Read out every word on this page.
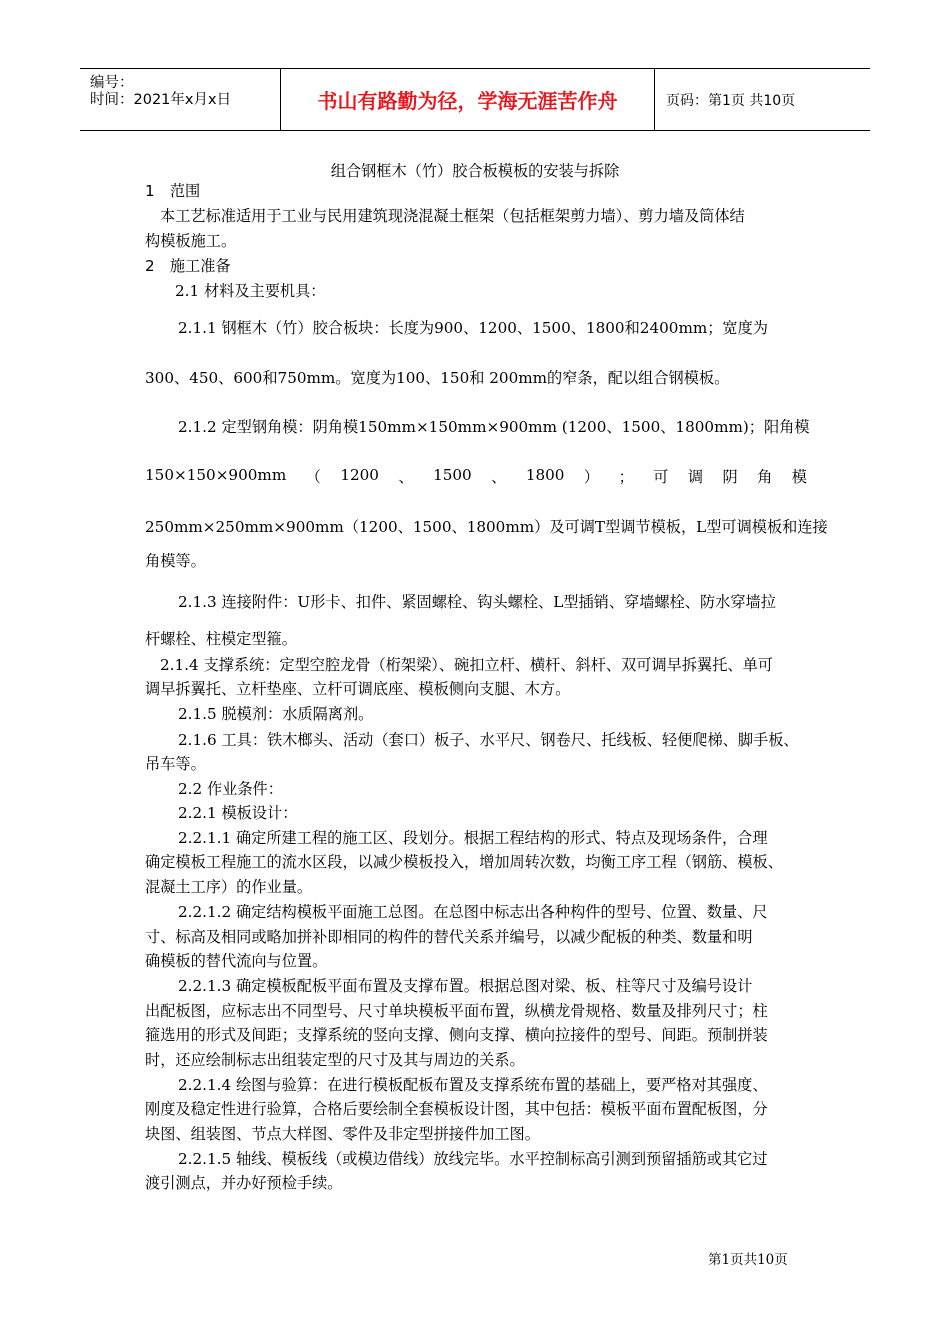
编号：
时间：2021年x月x日	书山有路勤为径，学海无涯苦作舟	页码：第1页 共10页
组合钢框木（竹）胶合板模板的安装与拆除
1　范围
本工艺标准适用于工业与民用建筑现浇混凝土框架（包括框架剪力墙）、剪力墙及筒体结
构模板施工。
2　施工准备
2.1 材料及主要机具：
2.1.1 钢框木（竹）胶合板块：长度为900、1200、1500、1800和2400mm；宽度为
300、450、600和750mm。宽度为100、150和 200mm的窄条，配以组合钢模板。
2.1.2 定型钢角模：阴角模150mm×150mm×900mm (1200、1500、1800mm)；阳角模
150×150×900mm （ 1200 、 1500 、 1800 ） ； 可 调 阴 角 模
250mm×250mm×900mm（1200、1500、1800mm）及可调T型调节模板，L型可调模板和连接
角模等。
2.1.3 连接附件：U形卡、扣件、紧固螺栓、钩头螺栓、L型插销、穿墙螺栓、防水穿墙拉
杆螺栓、柱模定型箍。
2.1.4 支撑系统：定型空腔龙骨（桁架梁）、碗扣立杆、横杆、斜杆、双可调早拆翼托、单可
调早拆翼托、立杆垫座、立杆可调底座、模板侧向支腿、木方。
2.1.5 脱模剂：水质隔离剂。
2.1.6 工具：铁木榔头、活动（套口）板子、水平尺、钢卷尺、托线板、轻便爬梯、脚手板、
吊车等。
2.2 作业条件：
2.2.1 模板设计：
2.2.1.1 确定所建工程的施工区、段划分。根据工程结构的形式、特点及现场条件，合理
确定模板工程施工的流水区段，以减少模板投入，增加周转次数，均衡工序工程（钢筋、模板、
混凝土工序）的作业量。
2.2.1.2 确定结构模板平面施工总图。在总图中标志出各种构件的型号、位置、数量、尺
寸、标高及相同或略加拼补即相同的构件的替代关系并编号，以减少配板的种类、数量和明
确模板的替代流向与位置。
2.2.1.3 确定模板配板平面布置及支撑布置。根据总图对梁、板、柱等尺寸及编号设计
出配板图，应标志出不同型号、尺寸单块模板平面布置，纵横龙骨规格、数量及排列尺寸；柱
箍选用的形式及间距；支撑系统的竖向支撑、侧向支撑、横向拉接件的型号、间距。预制拼装
时，还应绘制标志出组装定型的尺寸及其与周边的关系。
2.2.1.4 绘图与验算：在进行模板配板布置及支撑系统布置的基础上，要严格对其强度、
刚度及稳定性进行验算，合格后要绘制全套模板设计图，其中包括：模板平面布置配板图，分
块图、组装图、节点大样图、零件及非定型拼接件加工图。
2.2.1.5 轴线、模板线（或模边借线）放线完毕。水平控制标高引测到预留插筋或其它过
渡引测点，并办好预检手续。
第1页共10页
